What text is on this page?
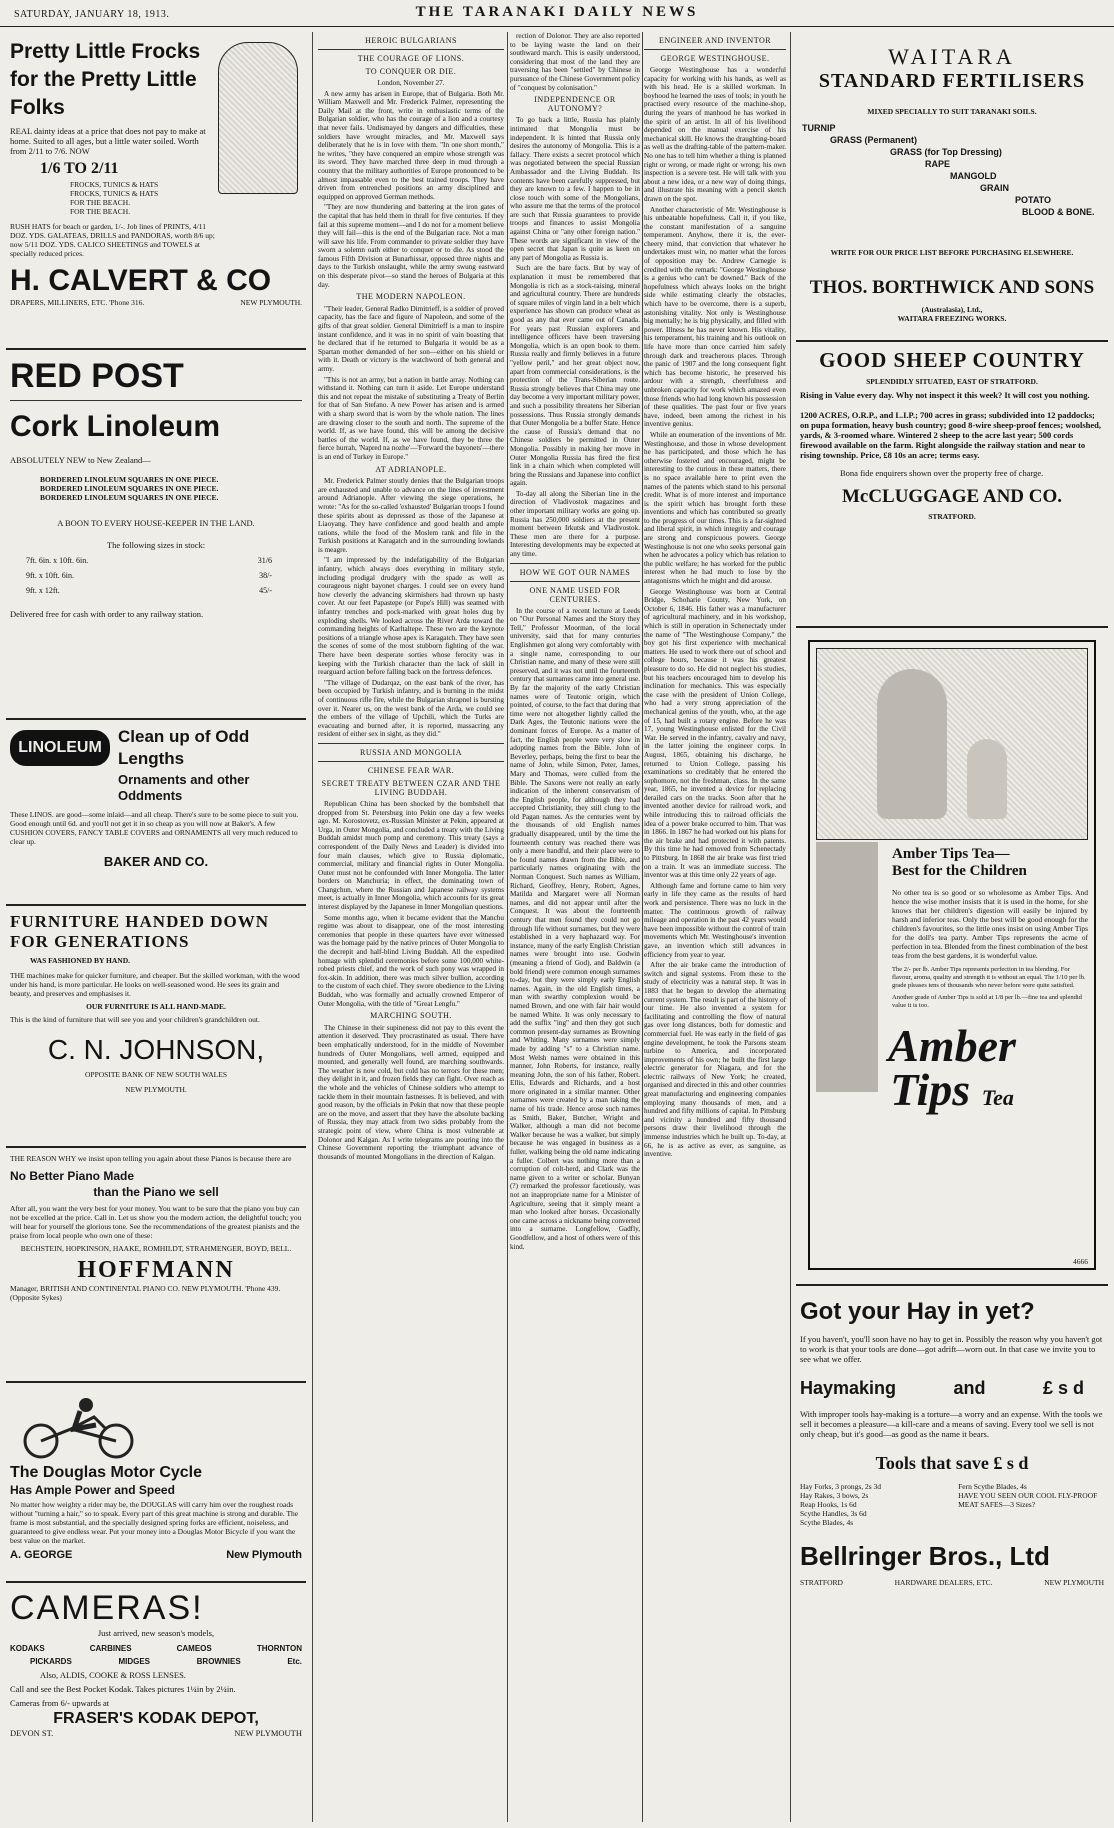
SATURDAY, JANUARY 18, 1913.	THE TARANAKI DAILY NEWS
Pretty Little Frocks for the Pretty Little Folks
REAL dainty ideas at a price that does not pay to make at home. Suited to all ages, but a little water soiled. Worth from 2/11 to 7/6. NOW
1/6 TO 2/11
FROCKS, TUNICS & HATS
FROCKS, TUNICS & HATS
FOR THE BEACH.
FOR THE BEACH.
RUSH HATS for beach or garden, 1/-. Job lines of PRINTS, 4/11 DOZ. YDS. GALATEAS, DRILLS and PANDORAS, worth 8/6 up; now 5/11 DOZ. YDS. CALICO SHEETINGS and TOWELS at specially reduced prices.
H. CALVERT & CO
DRAPERS, MILLINERS, ETC. 'Phone 316.	NEW PLYMOUTH.
RED POST
Cork Linoleum
ABSOLUTELY NEW to New Zealand—
BORDERED LINOLEUM SQUARES IN ONE PIECE.
BORDERED LINOLEUM SQUARES IN ONE PIECE.
BORDERED LINOLEUM SQUARES IN ONE PIECE.
A BOON TO EVERY HOUSE-KEEPER IN THE LAND.
The following sizes in stock:
7ft. 6in. x 10ft. 6in.	31/6
9ft. x 10ft. 6in.	38/-
9ft. x 12ft.	45/-
Delivered free for cash with order to any railway station.
LINOLEUM
Clean up of Odd Lengths
Ornaments and other Oddments
These LINOS. are good—some inlaid—and all cheap. There's sure to be some piece to suit you. Good enough until 6d. and you'll not get it in so cheap as you will now at Baker's. A few CUSHION COVERS, FANCY TABLE COVERS and ORNAMENTS all very much reduced to clear up.
BAKER AND CO.
FURNITURE HANDED DOWN FOR GENERATIONS
WAS FASHIONED BY HAND.
THE machines make for quicker furniture, and cheaper. But the skilled workman, with the wood under his hand, is more particular. He looks on well-seasoned wood. He sees its grain and beauty, and preserves and emphasises it.
OUR FURNITURE IS ALL HAND-MADE.
This is the kind of furniture that will see you and your children's grandchildren out.
C. N. JOHNSON,
OPPOSITE BANK OF NEW SOUTH WALES
NEW PLYMOUTH.
THE REASON WHY we insist upon telling you again about these Pianos is because there are
No Better Piano Made
than the Piano we sell
After all, you want the very best for your money. You want to be sure that the piano you buy can not be excelled at the price. Call in. Let us show you the modern action, the delightful touch; you will hear for yourself the glorious tone. See the recommendations of the greatest pianists and the praise from local people who own one of these:
BECHSTEIN, HOPKINSON, HAAKE, ROMHILDT, STRAHMENGER, BOYD, BELL.
HOFFMANN
Manager, BRITISH AND CONTINENTAL PIANO CO. NEW PLYMOUTH. 'Phone 439.
(Opposite Sykes)
The Douglas Motor Cycle
Has Ample Power and Speed
No matter how weighty a rider may be, the DOUGLAS will carry him over the roughest roads without "turning a hair," so to speak. Every part of this great machine is strong and durable. The frame is most substantial, and the specially designed spring forks are efficient, noiseless, and guaranteed to give endless wear. Put your money into a Douglas Motor Bicycle if you want the best value on the market.
A. GEORGE	New Plymouth
CAMERAS!
Just arrived, new season's models,
KODAKS	CARBINES	CAMEOS	THORNTON
PICKARDS	MIDGES	BROWNIES	Etc.
Also, ALDIS, COOKE & ROSS LENSES.
Call and see the Best Pocket Kodak. Takes pictures 1¼in by 2¼in.
Cameras from 6/- upwards at
FRASER'S KODAK DEPOT,
DEVON ST.	NEW PLYMOUTH
HEROIC BULGARIANS
THE COURAGE OF LIONS.
TO CONQUER OR DIE.

London, November 27.

A new army has arisen in Europe, that of Bulgaria. Both Mr. William Maxwell and Mr. Frederick Palmer, representing the Daily Mail at the front, write in enthusiastic terms of the Bulgarian soldier, who has the courage of a lion and a courtesy that never fails. Undismayed by dangers and difficulties, these soldiers have wrought miracles, and Mr. Maxwell says deliberately that he is in love with them. "In one short month," he writes, "they have conquered an empire whose strength was its sword. They have marched three deep in mud through a country that the military authorities of Europe pronounced to be almost impassable even to the best trained troops. They have driven from entrenched positions an army disciplined and equipped on approved German methods.

"They are now thundering and battering at the iron gates of the capital that has held them in thrall for five centuries. If they fail at this supreme moment—and I do not for a moment believe they will fail—this is the end of the Bulgarian race. Not a man will save his life. From commander to private soldier they have sworn a solemn oath either to conquer or to die. As stood the famous Fifth Division at Bunarhissar, opposed three nights and days to the Turkish onslaught, while the army swung eastward on this desperate pivot—so stand the heroes of Bulgaria at this day.

THE MODERN NAPOLEON.

"Their leader, General Radko Dimitrieff, is a soldier of proved capacity, has the face and figure of Napoleon, and some of the gifts of that great soldier. General Dimitrieff is a man to inspire instant confidence, and it was in no spirit of vain boasting that he declared that if he returned to Bulgaria it would be as a Spartan mother demanded of her son—either on his shield or with it. Death or victory is the watchword of both general and army.

"This is not an army, but a nation in battle array. Nothing can withstand it. Nothing can turn it aside. Let Europe understand this and not repeat the mistake of substituting a Treaty of Berlin for that of San Stefano. A new Power has arisen and is armed with a sharp sword that is worn by the whole nation. The lines are drawing closer to the south and north. The supreme of the world. If, as we have found, this will be among the decisive battles of the world. If, as we have found, they be three the fierce hurrah, 'Napred na nozhe'—'Forward the bayonets'—there is an end of Turkey in Europe."

AT ADRIANOPLE.

Mr. Frederick Palmer stoutly denies that the Bulgarian troops are exhausted and unable to advance on the lines of investment around Adrianople. After viewing the siege operations, he wrote: "As for the so-called 'exhausted' Bulgarian troops I found these spirits about as depressed as those of the Japanese at Liaoyang. They have confidence and good health and ample rations, while the food of the Moslem rank and file in the Turkish positions at Karagatch and in the surrounding lowlands is meagre.

"I am impressed by the indefatigability of the Bulgarian infantry, which always does everything in military style, including prodigal drudgery with the spade as well as courageous night bayonet charges. I could see on every hand how cleverly the advancing skirmishers had thrown up hasty cover. At our feet Papastepe (or Pope's Hill) was seamed with infantry trenches and pock-marked with great holes dug by exploding shells. We looked across the River Arda toward the commanding heights of Karltaltepe. These two are the keynote positions of a triangle whose apex is Karagatch. They have seen the scenes of some of the most stubborn fighting of the war. There have been desperate sorties whose ferocity was in keeping with the Turkish character than the lack of skill in rearguard action before falling back on the fortress defences.

"The village of Dudarqaz, on the east bank of the river, has been occupied by Turkish infantry, and is burning in the midst of continuous rifle fire, while the Bulgarian shrapnel is bursting over it. Nearer us, on the west bank of the Arda, we could see the embers of the village of Upchili, which the Turks are evacuating and burned after, it is reported, massacring any resident of either sex in sight, as they did."

RUSSIA AND MONGOLIA
CHINESE FEAR WAR.
SECRET TREATY BETWEEN CZAR AND THE LIVING BUDDAH.

Republican China has been shocked by the bombshell that dropped from St. Petersburg into Pekin one day a few weeks ago. M. Korostovetz, ex-Russian Minister at Pekin, appeared at Urga, in Outer Mongolia, and concluded a treaty with the Living Buddah amidst much pomp and ceremony. This treaty (says a correspondent of the Daily News and Leader) is divided into four main clauses, which give to Russia diplomatic, commercial, military and financial rights in Outer Mongolia. Outer must not be confounded with Inner Mongolia. The latter borders on Manchuria; in effect, the dominating town of Changchun, where the Russian and Japanese railway systems meet, is actually in Inner Mongolia, which accounts for its great interest displayed by the Japanese in Inner Mongolian questions.

Some months ago, when it became evident that the Manchu regime was about to disappear, one of the most interesting ceremonies that people in these quarters have ever witnessed was the homage paid by the native princes of Outer Mongolia to the decrepit and half-blind Living Buddah. All the expedited homage with splendid ceremonies before some 100,000 white-robed priests chief, and the work of such pony was wrapped in fox-skin. In addition, there was much silver bullion, according to the custom of each chief. They swore obedience to the Living Buddah, who was formally and actually crowned Emperor of Outer Mongolia, with the title of "Great Lengfu."

MARCHING SOUTH.

The Chinese in their supineness did not pay to this event the attention it deserved. They procrastinated as usual. There have been emphatically understood, for in the middle of November hundreds of Outer Mongolians, well armed, equipped and mounted, and generally well found, are marching southwards. The weather is now cold, but cold has no terrors for these men; they delight in it, and frozen fields they can fight. Over reach as the whole and the vehicles of Chinese soldiers who attempt to tackle them in their mountain fastnesses. It is believed, and with good reason, by the officials in Pekin that now that these people are on the move, and assert that they have the absolute backing of Russia, they may attack from two sides probably from the strategic point of view, where China is most vulnerable at Dolonor and Kalgan. As I write telegrams are pouring into the Chinese Government reporting the triumphant advance of thousands of mounted Mongolians in the direction of Kalgan.

rection of Dolonor. They are also reported to be laying waste the land on their southward march. This is easily understood, considering that most of the land they are traversing has been "settled" by Chinese in pursuance of the Chinese Government policy of "conquest by colonisation."

INDEPENDENCE OR AUTONOMY?

To go back a little, Russia has plainly intimated that Mongolia must be independent. It is hinted that Russia only desires the autonomy of Mongolia. This is a fallacy. There exists a secret protocol which was negotiated between the special Russian Ambassador and the Living Buddah. Its contents have been carefully suppressed, but they are known to a few. I happen to be in close touch with some of the Mongolians, who assure me that the terms of the protocol are such that Russia guarantees to provide troops and finances to assist Mongolia against China or "any other foreign nation." These words are significant in view of the open secret that Japan is quite as keen on any part of Mongolia as Russia is.

Such are the bare facts. But by way of explanation it must be remembered that Mongolia is rich as a stock-raising, mineral and agricultural country. There are hundreds of square miles of virgin land in a belt which experience has shown can produce wheat as good as any that ever came out of Canada. For years past Russian explorers and intelligence officers have been traversing Mongolia, which is an open book to them. Russia really and firmly believes in a future "yellow peril," and her great object now, apart from commercial considerations, is the protection of the Trans-Siberian route. Russia strongly believes that China may one day become a very important military power, and such a possibility threatens her Siberian possessions. Thus Russia strongly demands that Outer Mongolia be a buffer State. Hence the cause of Russia's demand that no Chinese soldiers be permitted in Outer Mongolia. Possibly in making her move in Outer Mongolia Russia has fired the first link in a chain which when completed will bring the Russians and Japanese into conflict again.

To-day all along the Siberian line in the direction of Vladivostok magazines and other important military works are going up. Russia has 250,000 soldiers at the present moment between Irkutsk and Vladivostok. These men are there for a purpose. Interesting developments may be expected at any time.

HOW WE GOT OUR NAMES
ONE NAME USED FOR CENTURIES.

In the course of a recent lecture at Leeds on "Our Personal Names and the Story they Tell," Professor Moorman, of the local university, said that for many centuries Englishmen got along very comfortably with a single name, corresponding to our Christian name, and many of these were still preserved, and it was not until the fourteenth century that surnames came into general use. By far the majority of the early Christian names were of Teutonic origin, which pointed, of course, to the fact that during that time were not altogether lightly called the Dark Ages, the Teutonic nations were the dominant forces of Europe. As a matter of fact, the English people were very slow in adopting names from the Bible. John of Beverley, perhaps, being the first to bear the name of John, while Simon, Peter, James, Mary and Thomas, were culled from the Bible. The Saxons were not really an early indication of the inherent conservatism of the English people, for although they had accepted Christianity, they still clung to the old Pagan names. As the centuries went by the thousands of old English names gradually disappeared, until by the time the fourteenth century was reached there was only a mere handful, and their place were to be found names drawn from the Bible, and particularly names originating with the Norman Conquest. Such names as William, Richard, Geoffrey, Henry, Robert, Agnes, Matilda and Margaret were all Norman names, and did not appear until after the Conquest. It was about the fourteenth century that men found they could not go through life without surnames, but they were established in a very haphazard way. For instance, many of the early English Christian names were brought into use. Godwin (meaning a friend of God), and Baldwin (a bold friend) were common enough surnames to-day, but they were simply early English names. Again, in the old English times, a man with swarthy complexion would be named Brown, and one with fair hair would be named White. It was only necessary to add the suffix "ing" and then they got such common present-day surnames as Browning and Whiting. Many surnames were simply made by adding "s" to a Christian name. Most Welsh names were obtained in this manner, John Roberts, for instance, really meaning John, the son of his father, Robert. Ellis, Edwards and Richards, and a host more originated in a similar manner. Other surnames were created by a man taking the name of his trade. Hence arose such names as Smith, Baker, Butcher, Wright and Walker, although a man did not become Walker because he was a walker, but simply because he was engaged in business as a fuller, walking being the old name indicating a fuller. Colbert was nothing more than a corruption of colt-herd, and Clark was the name given to a writer or scholar. Bunyan (?) remarked the professor facetiously, was not an inappropriate name for a Minister of Agriculture, seeing that it simply meant a man who looked after horses. Occasionally one came across a nickname being converted into a surname. Longfellow, Gadfly, Goodfellow, and a host of others were of this kind.

ENGINEER AND INVENTOR
GEORGE WESTINGHOUSE.

George Westinghouse has a wonderful capacity for working with his hands, as well as with his head. He is a skilled workman. In boyhood he learned the uses of tools; in youth he practised every resource of the machine-shop, during the years of manhood he has worked in the spirit of an artist. In all of his livelihood depended on the manual exercise of his mechanical skill. He knows the draughting-board as well as the drafting-table of the pattern-maker. No one has to tell him whether a thing is planned right or wrong, or made right or wrong; his own inspection is a severe test. He will talk with you about a new idea, or a new way of doing things, and illustrate his meaning with a pencil sketch drawn on the spot.

Another characteristic of Mr. Westinghouse is his unbeatable hopefulness. Call it, if you like, the constant manifestation of a sanguine temperament. Anyhow, there it is, the ever-cheery mind, that conviction that whatever he undertakes must win, no matter what the forces of opposition may be. Andrew Carnegie is credited with the remark: "George Westinghouse is a genius who can't be downed." Back of the hopefulness which always looks on the bright side while estimating clearly the obstacles, which have to be overcome, there is a superb, astonishing vitality. Not only is Westinghouse big mentally; he is big physically, and filled with power. Illness he has never known. His vitality, his temperament, his training and his outlook on life have more than once carried him safely through dark and treacherous places. Through the panic of 1907 and the long consequent fight which has become historic, he preserved his ardour with a strength, cheerfulness and unbroken capacity for work which amazed even those friends who had long known his possession of these qualities. The past four or five years have, indeed, been among the richest in his inventive genius.

While an enumeration of the inventions of Mr. Westinghouse, and those in whose development he has participated, and those which he has otherwise fostered and encouraged, might be interesting to the curious in these matters, there is no space available here to print even the names of the patents which stand to his personal credit. What is of more interest and importance is the spirit which has brought forth these inventions and which has contributed so greatly to the progress of our times. This is a far-sighted and liberal spirit, in which integrity and courage are strong and conspicuous powers. George Westinghouse is not one who seeks personal gain when he advocates a policy which has relation to the public welfare; he has worked for the public interest when he had much to lose by the antagonisms which he might and did arouse.

George Westinghouse was born at Central Bridge, Schoharie County, New York, on October 6, 1846. His father was a manufacturer of agricultural machinery, and in his workshop, which is still in operation in Schenectady under the name of "The Westinghouse Company," the boy got his first experience with mechanical matters. He used to work there out of school and college hours, because it was his greatest pleasure to do so. He did not neglect his studies, but his teachers encouraged him to develop his inclination for mechanics. This was especially the case with the president of Union College, who had a very strong appreciation of the mechanical genius of the youth, who, at the age of 15, had built a rotary engine. Before he was 17, young Westinghouse enlisted for the Civil War. He served in the infantry, cavalry and navy, in the latter joining the engineer corps. In August, 1865, obtaining his discharge, he returned to Union College, passing his examinations so creditably that he entered the sophomore, not the freshman, class. In the same year, 1865, he invented a device for replacing derailed cars on the tracks. Soon after that he invented another device for railroad work, and while introducing this to railroad officials the idea of a power brake occurred to him. That was in 1866. In 1867 he had worked out his plans for the air brake and had protected it with patents. By this time he had removed from Schenectady to Pittsburg. In 1868 the air brake was first tried on a train. It was an immediate success. The inventor was at this time only 22 years of age.

Although fame and fortune came to him very early in life they came as the results of hard work and persistence. There was no luck in the matter. The continuous growth of railway mileage and operation in the past 42 years would have been impossible without the control of train movements which Mr. Westinghouse's invention gave, an invention which still advances in efficiency from year to year.

After the air brake came the introduction of switch and signal systems. From these to the study of electricity was a natural step. It was in 1883 that he began to develop the alternating current system. The result is part of the history of our time. He also invented a system for facilitating and controlling the flow of natural gas over long distances, both for domestic and commercial fuel. He was early in the field of gas engine development, he took the Parsons steam turbine to America, and incorporated improvements of his own; he built the first large electric generator for Niagara, and for the electric railways of New York; he created, organised and directed in this and other countries great manufacturing and engineering companies employing many thousands of men, and a hundred and fifty millions of capital. In Pittsburg and vicinity a hundred and fifty thousand persons draw their livelihood through the immense industries which he built up. To-day, at 66, he is as active as ever, as sanguine, as inventive.

WAITARA
STANDARD FERTILISERS
MIXED SPECIALLY TO SUIT TARANAKI SOILS.
TURNIP
GRASS (Permanent)
GRASS (for Top Dressing)
RAPE
MANGOLD
GRAIN
POTATO
BLOOD & BONE.
WRITE FOR OUR PRICE LIST BEFORE PURCHASING ELSEWHERE.
THOS. BORTHWICK AND SONS
(Australasia), Ltd.,
WAITARA FREEZING WORKS.
GOOD SHEEP COUNTRY
SPLENDIDLY SITUATED, EAST OF STRATFORD.
Rising in Value every day. Why not inspect it this week? It will cost you nothing.
1200 ACRES, O.R.P., and L.I.P.; 700 acres in grass; subdivided into 12 paddocks; on pupa formation, heavy bush country; good 8-wire sheep-proof fences; woolshed, yards, & 3-roomed whare. Wintered 2 sheep to the acre last year; 500 cords firewood available on the farm. Right alongside the railway station and near to rising township. Price, £8 10s an acre; terms easy.
Bona fide enquirers shown over the property free of charge.
McCLUGGAGE AND CO.
STRATFORD.
Amber Tips Tea—
Best for the Children
No other tea is so good or so wholesome as Amber Tips. And hence the wise mother insists that it is used in the home, for she knows that her children's digestion will easily be injured by harsh and inferior teas. Only the best will be good enough for the children's favourites, so the little ones insist on using Amber Tips for the doll's tea party. Amber Tips represents the acme of perfection in tea. Blended from the finest combination of the best teas from the best gardens, it is wonderful value.
The 2/- per lb. Amber Tips represents perfection in tea blending. For flavour, aroma, quality and strength it is without an equal. The 1/10 per lb. grade pleases tens of thousands who never before were quite satisfied.
Another grade of Amber Tips is sold at 1/8 per lb.—fine tea and splendid value it is too.
Amber
Tips Tea
4666
Got your Hay in yet?
If you haven't, you'll soon have no hay to get in. Possibly the reason why you haven't got to work is that your tools are done—got adrift—worn out. In that case we invite you to see what we offer.
Haymaking	and	£ s d
With improper tools hay-making is a torture—a worry and an expense. With the tools we sell it becomes a pleasure—a kill-care and a means of saving. Every tool we sell is not only cheap, but it's good—as good as the name it bears.
Tools that save £ s d
Hay Forks, 3 prongs, 2s 3d
Hay Rakes, 3 bows, 2s
Reap Hooks, 1s 6d
Scythe Handles, 3s 6d
Scythe Blades, 4s
Fern Scythe Blades, 4s
HAVE YOU SEEN OUR COOL FLY-PROOF MEAT SAFES—3 Sizes?
Bellringer Bros., Ltd
STRATFORD	HARDWARE DEALERS, ETC.	NEW PLYMOUTH
